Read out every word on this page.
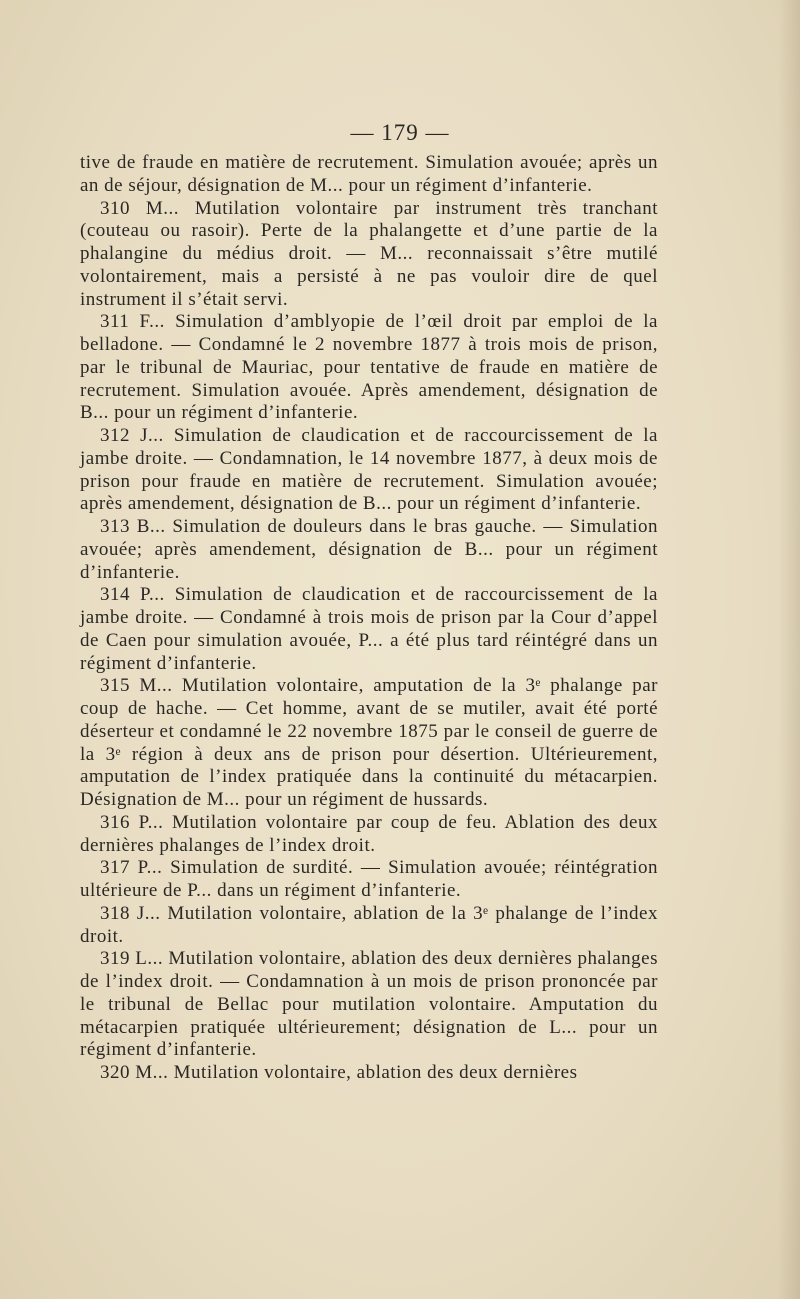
— 179 —

tive de fraude en matière de recrutement. Simulation avouée; après un an de séjour, désignation de M... pour un régiment d’infanterie.

310 M... Mutilation volontaire par instrument très tranchant (couteau ou rasoir). Perte de la phalangette et d’une partie de la phalangine du médius droit. — M... reconnaissait s’être mutilé volontairement, mais a persisté à ne pas vouloir dire de quel instrument il s’était servi.

311 F... Simulation d’amblyopie de l’œil droit par emploi de la belladone. — Condamné le 2 novembre 1877 à trois mois de prison, par le tribunal de Mauriac, pour tentative de fraude en matière de recrutement. Simulation avouée. Après amendement, désignation de B... pour un régiment d’infanterie.

312 J... Simulation de claudication et de raccourcissement de la jambe droite. — Condamnation, le 14 novembre 1877, à deux mois de prison pour fraude en matière de recrutement. Simulation avouée; après amendement, désignation de B... pour un régiment d’infanterie.

313 B... Simulation de douleurs dans le bras gauche. — Simulation avouée; après amendement, désignation de B... pour un régiment d’infanterie.

314 P... Simulation de claudication et de raccourcissement de la jambe droite. — Condamné à trois mois de prison par la Cour d’appel de Caen pour simulation avouée, P... a été plus tard réintégré dans un régiment d’infanterie.

315 M... Mutilation volontaire, amputation de la 3ᵉ phalange par coup de hache. — Cet homme, avant de se mutiler, avait été porté déserteur et condamné le 22 novembre 1875 par le conseil de guerre de la 3ᵉ région à deux ans de prison pour désertion. Ultérieurement, amputation de l’index pratiquée dans la continuité du métacarpien. Désignation de M... pour un régiment de hussards.

316 P... Mutilation volontaire par coup de feu. Ablation des deux dernières phalanges de l’index droit.

317 P... Simulation de surdité. — Simulation avouée; réintégration ultérieure de P... dans un régiment d’infanterie.

318 J... Mutilation volontaire, ablation de la 3ᵉ phalange de l’index droit.

319 L... Mutilation volontaire, ablation des deux dernières phalanges de l’index droit. — Condamnation à un mois de prison prononcée par le tribunal de Bellac pour mutilation volontaire. Amputation du métacarpien pratiquée ultérieurement; désignation de L... pour un régiment d’infanterie.

320 M... Mutilation volontaire, ablation des deux dernières
